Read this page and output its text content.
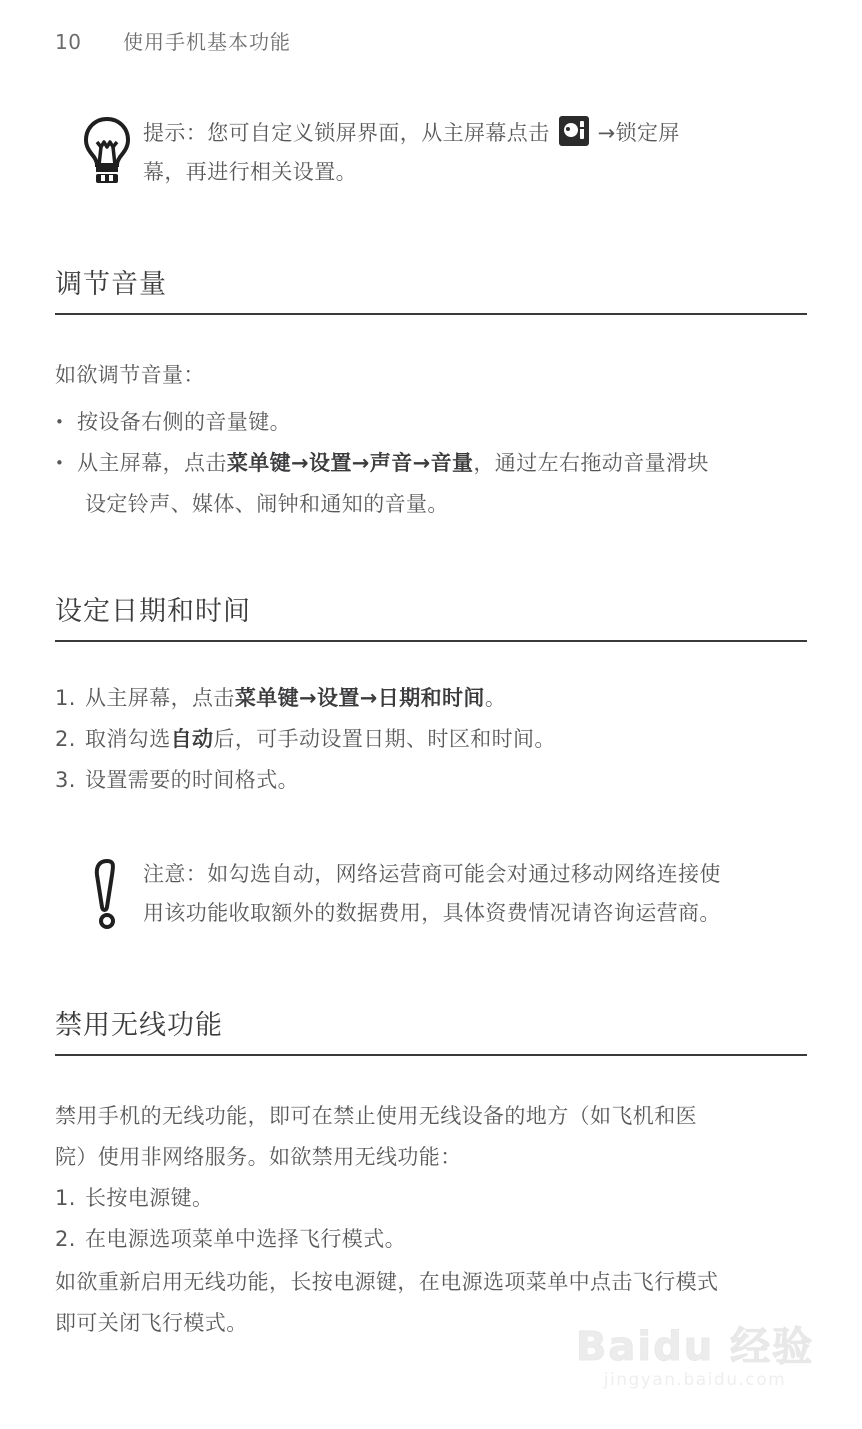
10	使用手机基本功能
提示：您可自定义锁屏界面，从主屏幕点击 →锁定屏
幕，再进行相关设置。
调节音量
如欲调节音量：
• 按设备右侧的音量键。
• 从主屏幕，点击菜单键→设置→声音→音量，通过左右拖动音量滑块
设定铃声、媒体、闹钟和通知的音量。
设定日期和时间
1. 从主屏幕，点击菜单键→设置→日期和时间。
2. 取消勾选自动后，可手动设置日期、时区和时间。
3. 设置需要的时间格式。
注意：如勾选自动，网络运营商可能会对通过移动网络连接使
用该功能收取额外的数据费用，具体资费情况请咨询运营商。
禁用无线功能
禁用手机的无线功能，即可在禁止使用无线设备的地方（如飞机和医
院）使用非网络服务。如欲禁用无线功能：
1. 长按电源键。
2. 在电源选项菜单中选择飞行模式。
如欲重新启用无线功能，长按电源键，在电源选项菜单中点击飞行模式
即可关闭飞行模式。
Baidu 经验
jingyan.baidu.com
